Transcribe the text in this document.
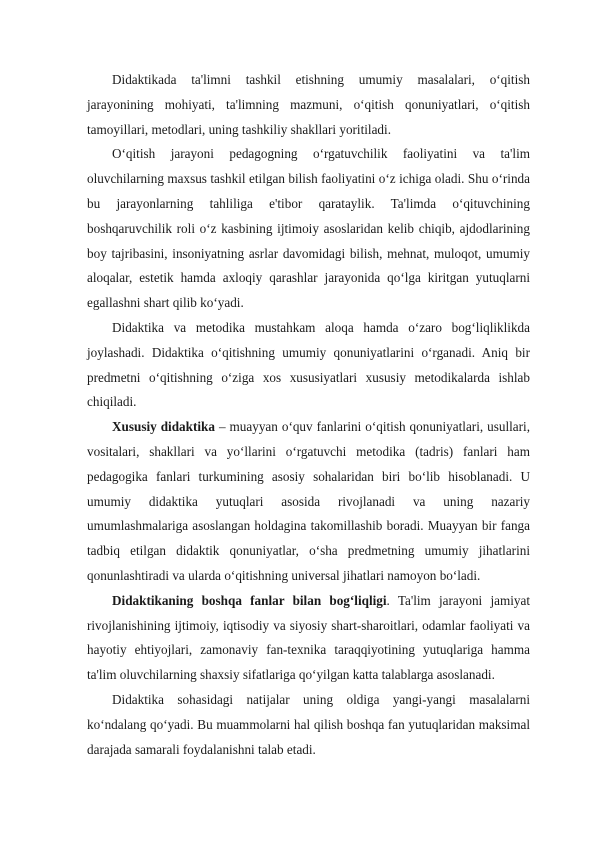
Didaktikada ta'limni tashkil etishning umumiy masalalari, o‘qitish jarayonining mohiyati, ta'limning mazmuni, o‘qitish qonuniyatlari, o‘qitish tamoyillari, metodlari, uning tashkiliy shakllari yoritiladi.

O‘qitish jarayoni pedagogning o‘rgatuvchilik faoliyatini va ta'lim oluvchilarning maxsus tashkil etilgan bilish faoliyatini o‘z ichiga oladi. Shu o‘rinda bu jarayonlarning tahliliga e'tibor qarataylik. Ta'limda o‘qituvchining boshqaruvchilik roli o‘z kasbining ijtimoiy asoslaridan kelib chiqib, ajdodlarining boy tajribasini, insoniyatning asrlar davomidagi bilish, mehnat, muloqot, umumiy aloqalar, estetik hamda axloqiy qarashlar jarayonida qo‘lga kiritgan yutuqlarni egallashni shart qilib ko‘yadi.

Didaktika va metodika mustahkam aloqa hamda o‘zaro bog‘liqliklikda joylashadi. Didaktika o‘qitishning umumiy qonuniyatlarini o‘rganadi. Aniq bir predmetni o‘qitishning o‘ziga xos xususiyatlari xususiy metodikalarda ishlab chiqiladi.

Xususiy didaktika – muayyan o‘quv fanlarini o‘qitish qonuniyatlari, usullari, vositalari, shakllari va yo‘llarini o‘rgatuvchi metodika (tadris) fanlari ham pedagogika fanlari turkumining asosiy sohalaridan biri bo‘lib hisoblanadi. U umumiy didaktika yutuqlari asosida rivojlanadi va uning nazariy umumlashmalariga asoslangan holdagina takomillashib boradi. Muayyan bir fanga tadbiq etilgan didaktik qonuniyatlar, o‘sha predmetning umumiy jihatlarini qonunlashtiradi va ularda o‘qitishning universal jihatlari namoyon bo‘ladi.

Didaktikaning boshqa fanlar bilan bog‘liqligi. Ta'lim jarayoni jamiyat rivojlanishining ijtimoiy, iqtisodiy va siyosiy shart-sharoitlari, odamlar faoliyati va hayotiy ehtiyojlari, zamonaviy fan-texnika taraqqiyotining yutuqlariga hamma ta'lim oluvchilarning shaxsiy sifatlariga qo‘yilgan katta talablarga asoslanadi.

Didaktika sohasidagi natijalar uning oldiga yangi-yangi masalalarni ko‘ndalang qo‘yadi. Bu muammolarni hal qilish boshqa fan yutuqlaridan maksimal darajada samarali foydalanishni talab etadi.
